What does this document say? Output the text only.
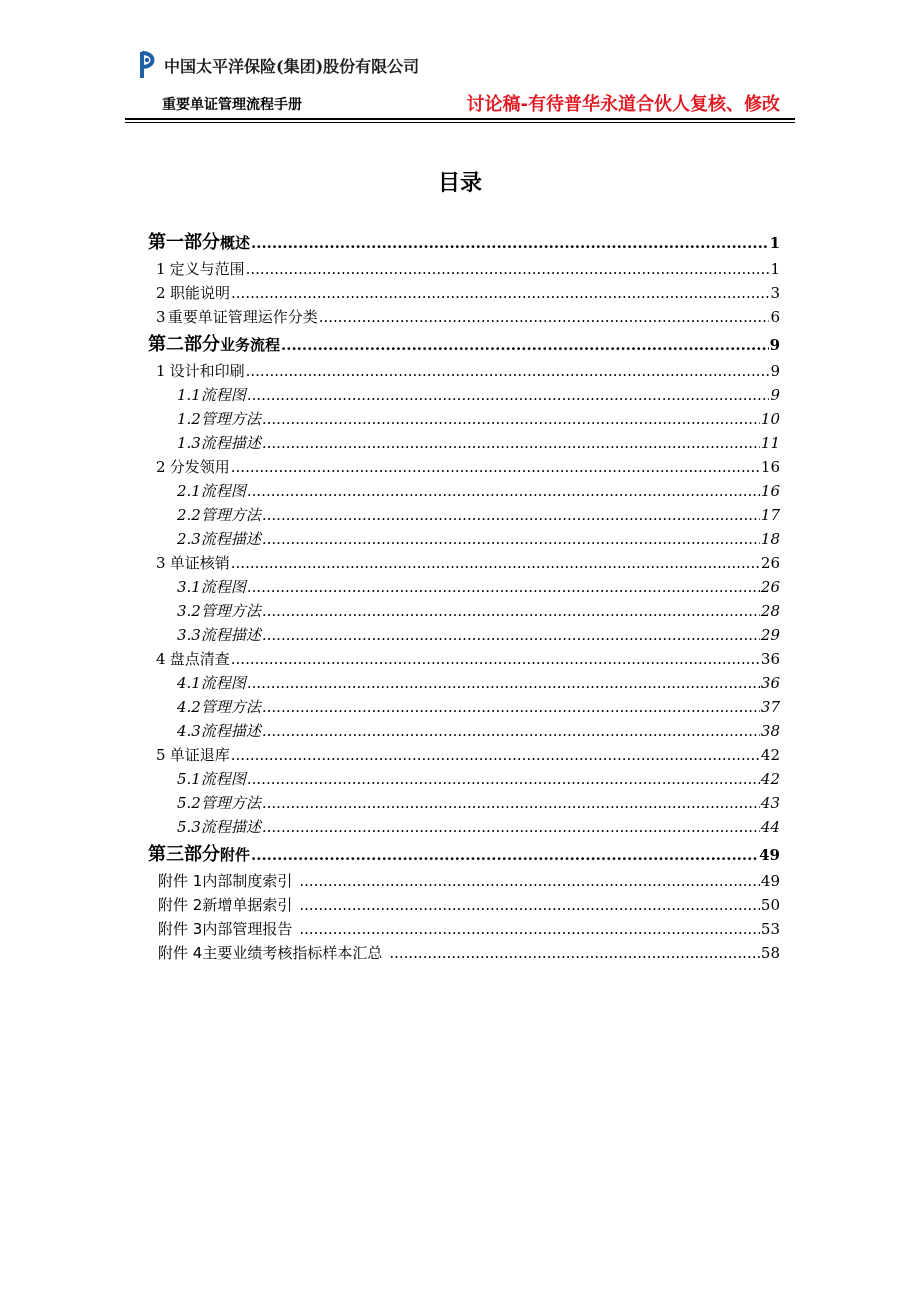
中国太平洋保险(集团)股份有限公司
重要单证管理流程手册	讨论稿-有待普华永道合伙人复核、修改
目录
第一部分 概述 .....	1
1 定义与范围 .....	1
2 职能说明 .....	3
3 重要单证管理运作分类 .....	6
第二部分 业务流程 .....	9
1 设计和印刷 .....	9
1.1 流程图 .....	9
1.2 管理方法 .....	10
1.3 流程描述 .....	11
2 分发领用 .....	16
2.1 流程图 .....	16
2.2 管理方法 .....	17
2.3 流程描述 .....	18
3 单证核销 .....	26
3.1 流程图 .....	26
3.2 管理方法 .....	28
3.3 流程描述 .....	29
4 盘点清查 .....	36
4.1 流程图 .....	36
4.2 管理方法 .....	37
4.3 流程描述 .....	38
5 单证退库 .....	42
5.1 流程图 .....	42
5.2 管理方法 .....	43
5.3 流程描述 .....	44
第三部分 附件 .....	49
附件 1 内部制度索引 .....	49
附件 2 新增单据索引 .....	50
附件 3 内部管理报告 .....	53
附件 4 主要业绩考核指标样本汇总 .....	58
